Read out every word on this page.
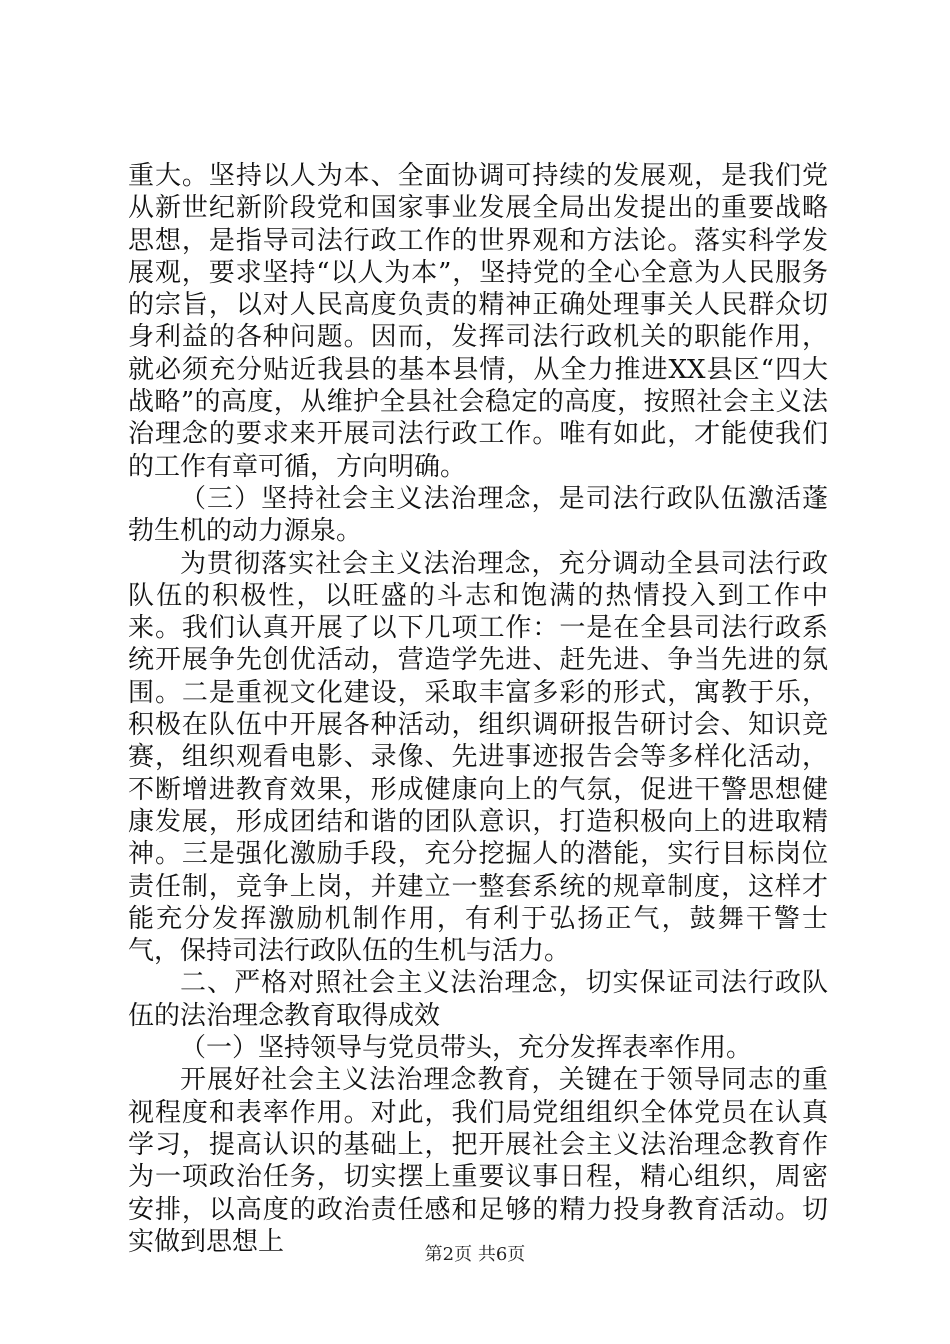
重大。坚持以人为本、全面协调可持续的发展观，是我们党从新世纪新阶段党和国家事业发展全局出发提出的重要战略思想，是指导司法行政工作的世界观和方法论。落实科学发展观，要求坚持“以人为本”，坚持党的全心全意为人民服务的宗旨，以对人民高度负责的精神正确处理事关人民群众切身利益的各种问题。因而，发挥司法行政机关的职能作用，就必须充分贴近我县的基本县情，从全力推进XX县区“四大战略”的高度，从维护全县社会稳定的高度，按照社会主义法治理念的要求来开展司法行政工作。唯有如此，才能使我们的工作有章可循，方向明确。

（三）坚持社会主义法治理念，是司法行政队伍激活蓬勃生机的动力源泉。

为贯彻落实社会主义法治理念，充分调动全县司法行政队伍的积极性，以旺盛的斗志和饱满的热情投入到工作中来。我们认真开展了以下几项工作：一是在全县司法行政系统开展争先创优活动，营造学先进、赶先进、争当先进的氛围。二是重视文化建设，采取丰富多彩的形式，寓教于乐，积极在队伍中开展各种活动，组织调研报告研讨会、知识竞赛，组织观看电影、录像、先进事迹报告会等多样化活动，不断增进教育效果，形成健康向上的气氛，促进干警思想健康发展，形成团结和谐的团队意识，打造积极向上的进取精神。三是强化激励手段，充分挖掘人的潜能，实行目标岗位责任制，竞争上岗，并建立一整套系统的规章制度，这样才能充分发挥激励机制作用，有利于弘扬正气，鼓舞干警士气，保持司法行政队伍的生机与活力。

二、严格对照社会主义法治理念，切实保证司法行政队伍的法治理念教育取得成效

（一）坚持领导与党员带头，充分发挥表率作用。

开展好社会主义法治理念教育，关键在于领导同志的重视程度和表率作用。对此，我们局党组组织全体党员在认真学习，提高认识的基础上，把开展社会主义法治理念教育作为一项政治任务，切实摆上重要议事日程，精心组织，周密安排，以高度的政治责任感和足够的精力投身教育活动。切实做到思想上	第2页 共6页
